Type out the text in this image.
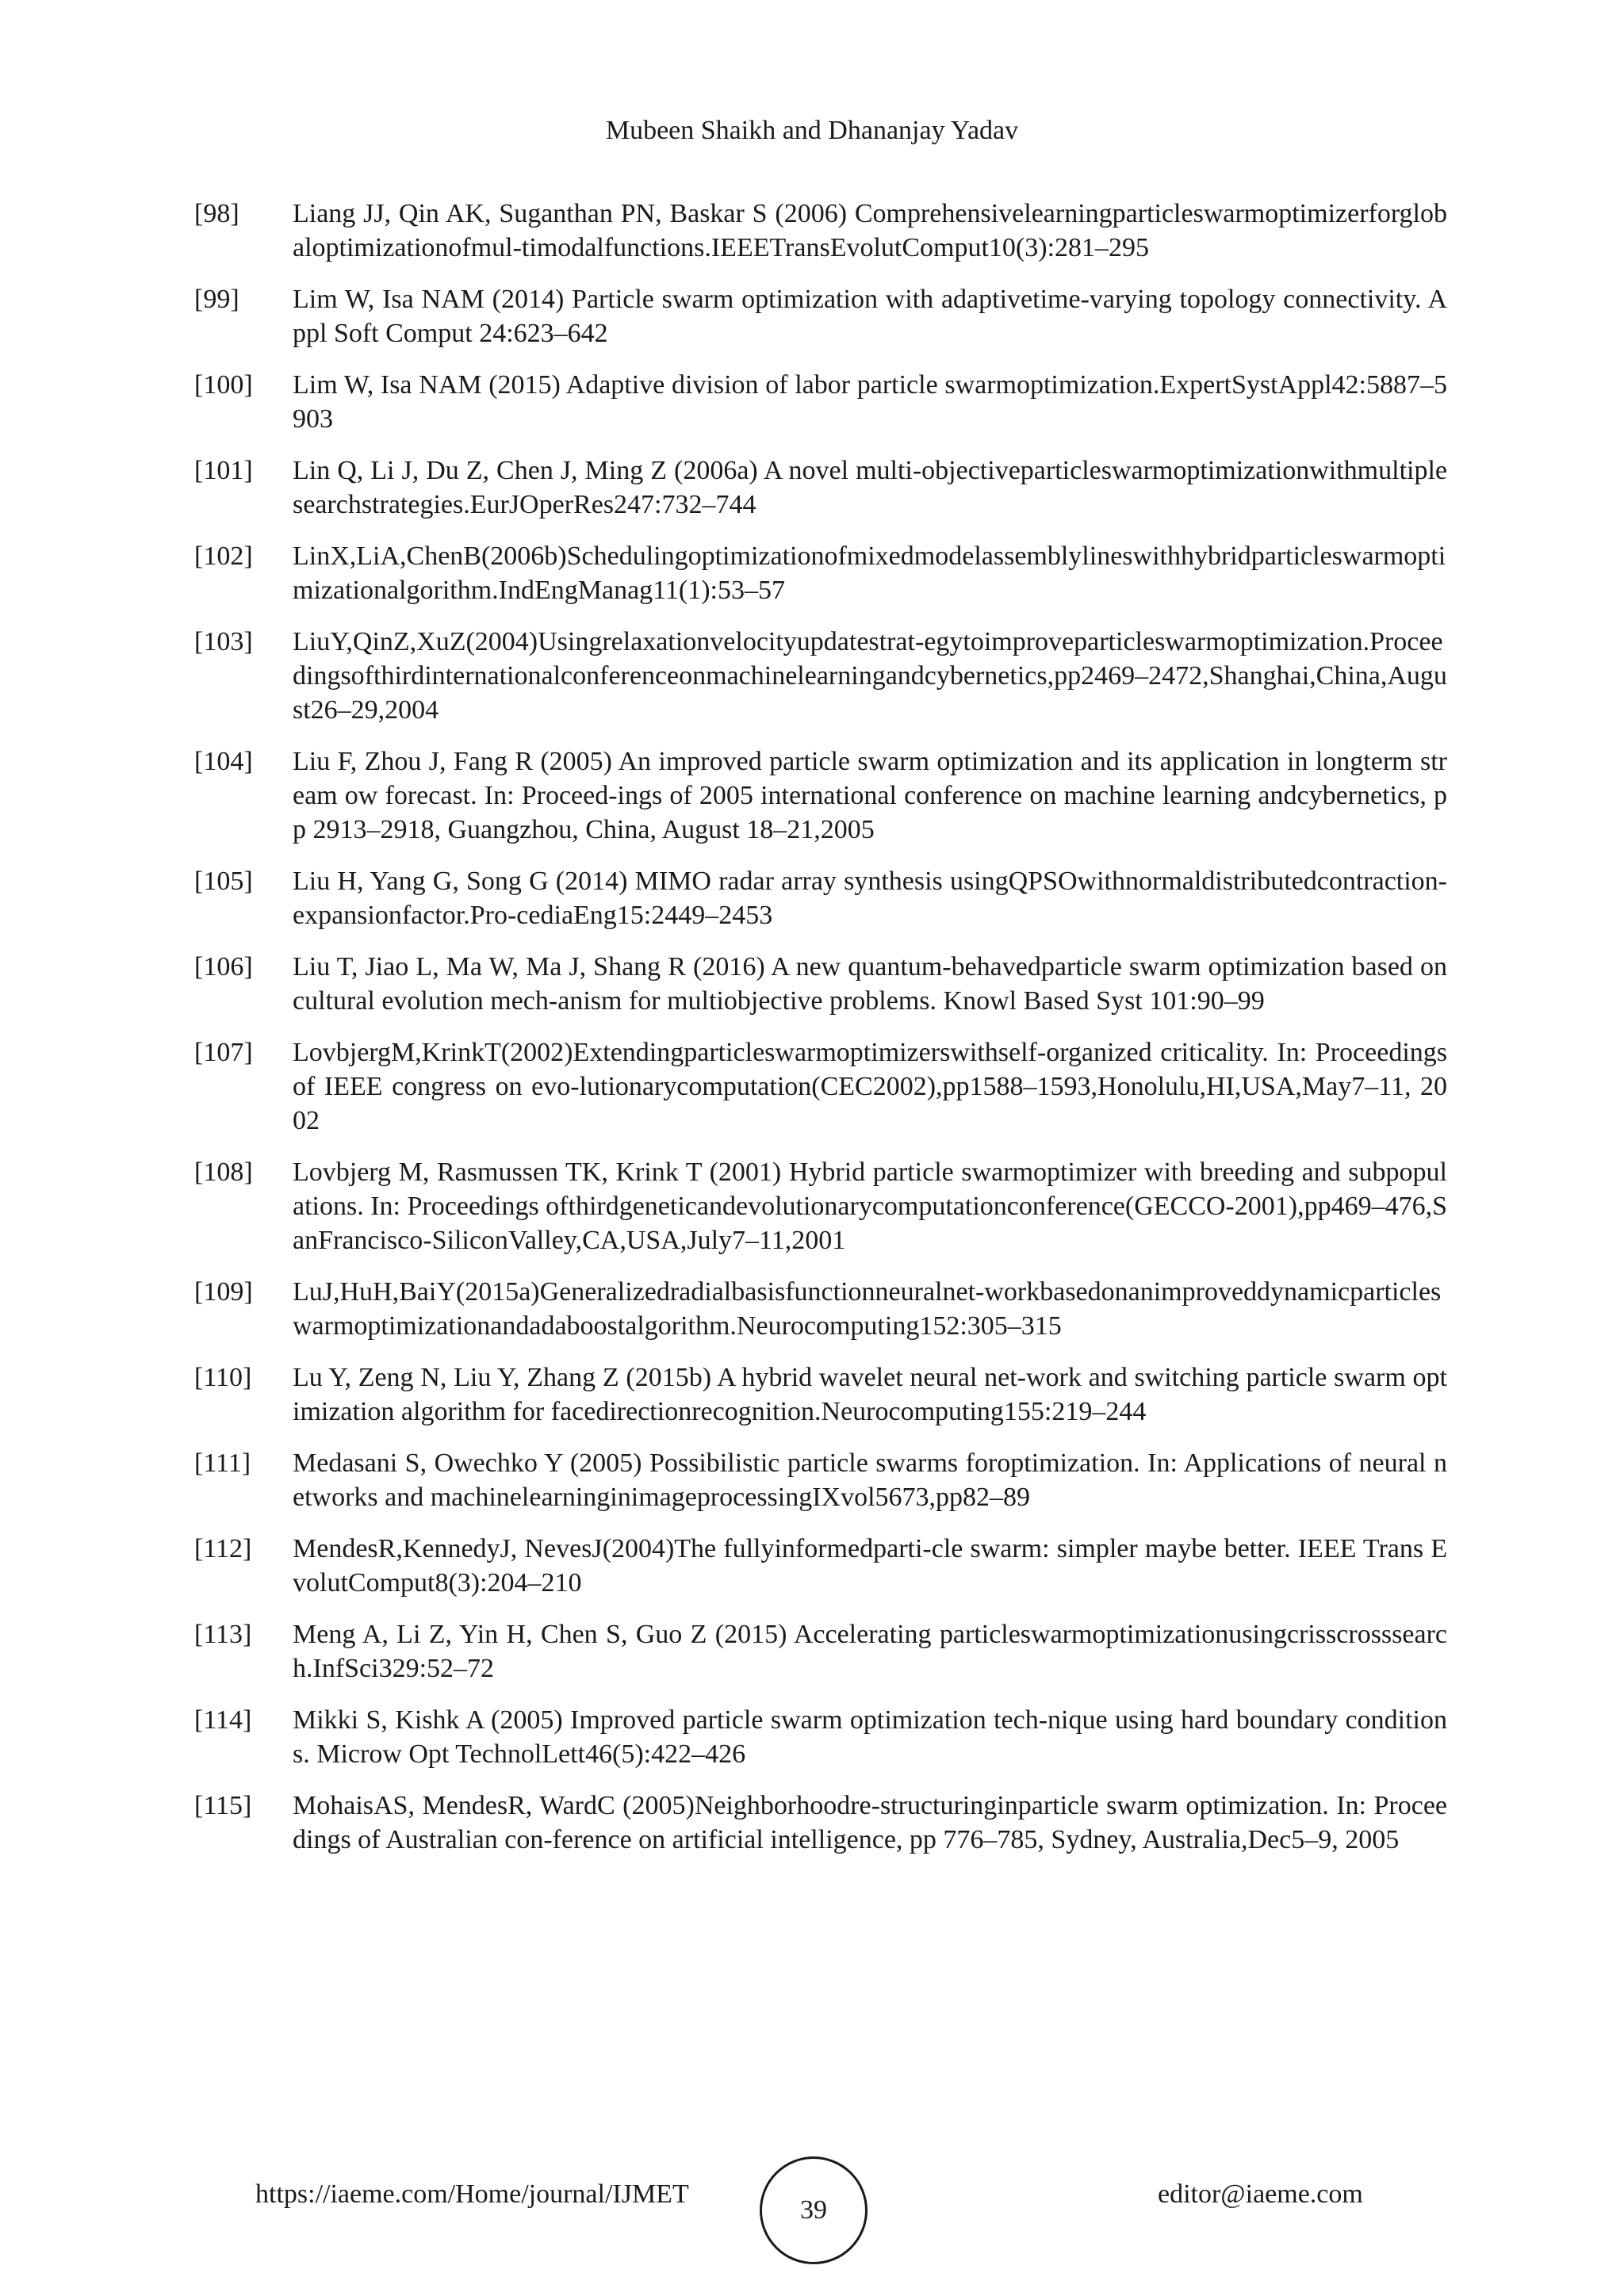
Mubeen Shaikh and Dhananjay Yadav
[98]	Liang JJ, Qin AK, Suganthan PN, Baskar S (2006) Comprehensivelearningparticleswarmoptimizerforglobaloptimizationofmul-timodalfunctions.IEEETransEvolutComput10(3):281–295
[99]	Lim W, Isa NAM (2014) Particle swarm optimization with adaptivetime-varying topology connectivity. Appl Soft Comput 24:623–642
[100]	Lim W, Isa NAM (2015) Adaptive division of labor particle swarmoptimization.ExpertSystAppl42:5887–5903
[101]	Lin Q, Li J, Du Z, Chen J, Ming Z (2006a) A novel multi-objectiveparticleswarmoptimizationwithmultiplesearchstrategies.EurJOperRes247:732–744
[102]	LinX,LiA,ChenB(2006b)Schedulingoptimizationofmixedmodelassemblylineswithhybridparticleswarmoptimizationalgorithm.IndEngManag11(1):53–57
[103]	LiuY,QinZ,XuZ(2004)Usingrelaxationvelocityupdatestrat-egytoimproveparticleswarmoptimization.Proceedingsofthirdinternationalconferenceonmachinelearningandcybernetics,pp2469–2472,Shanghai,China,August26–29,2004
[104]	Liu F, Zhou J, Fang R (2005) An improved particle swarm optimization and its application in longterm stream ow forecast. In: Proceed-ings of 2005 international conference on machine learning andcybernetics, pp 2913–2918, Guangzhou, China, August 18–21,2005
[105]	Liu H, Yang G, Song G (2014) MIMO radar array synthesis usingQPSOwithnormaldistributedcontraction-expansionfactor.Pro-cediaEng15:2449–2453
[106]	Liu T, Jiao L, Ma W, Ma J, Shang R (2016) A new quantum-behavedparticle swarm optimization based on cultural evolution mech-anism for multiobjective problems. Knowl Based Syst 101:90–99
[107]	LovbjergM,KrinkT(2002)Extendingparticleswarmoptimizerswithself-organized criticality. In: Proceedings of IEEE congress on evo-lutionarycomputation(CEC2002),pp1588–1593,Honolulu,HI,USA,May7–11, 2002
[108]	Lovbjerg M, Rasmussen TK, Krink T (2001) Hybrid particle swarmoptimizer with breeding and subpopulations. In: Proceedings ofthirdgeneticandevolutionarycomputationconference(GECCO-2001),pp469–476,SanFrancisco-SiliconValley,CA,USA,July7–11,2001
[109]	LuJ,HuH,BaiY(2015a)Generalizedradialbasisfunctionneuralnet-workbasedonanimproveddynamicparticleswarmoptimizationandadaboostalgorithm.Neurocomputing152:305–315
[110]	Lu Y, Zeng N, Liu Y, Zhang Z (2015b) A hybrid wavelet neural net-work and switching particle swarm optimization algorithm for facedirectionrecognition.Neurocomputing155:219–244
[111]	Medasani S, Owechko Y (2005) Possibilistic particle swarms foroptimization. In: Applications of neural networks and machinelearninginimageprocessingIXvol5673,pp82–89
[112]	MendesR,KennedyJ, NevesJ(2004)The fullyinformedparti-cle swarm: simpler maybe better. IEEE Trans EvolutComput8(3):204–210
[113]	Meng A, Li Z, Yin H, Chen S, Guo Z (2015) Accelerating particleswarmoptimizationusingcrisscrosssearch.InfSci329:52–72
[114]	Mikki S, Kishk A (2005) Improved particle swarm optimization tech-nique using hard boundary conditions. Microw Opt TechnolLett46(5):422–426
[115]	MohaisAS, MendesR, WardC (2005)Neighborhoodre-structuringinparticle swarm optimization. In: Proceedings of Australian con-ference on artificial intelligence, pp 776–785, Sydney, Australia,Dec5–9, 2005
https://iaeme.com/Home/journal/IJMET
39
editor@iaeme.com
